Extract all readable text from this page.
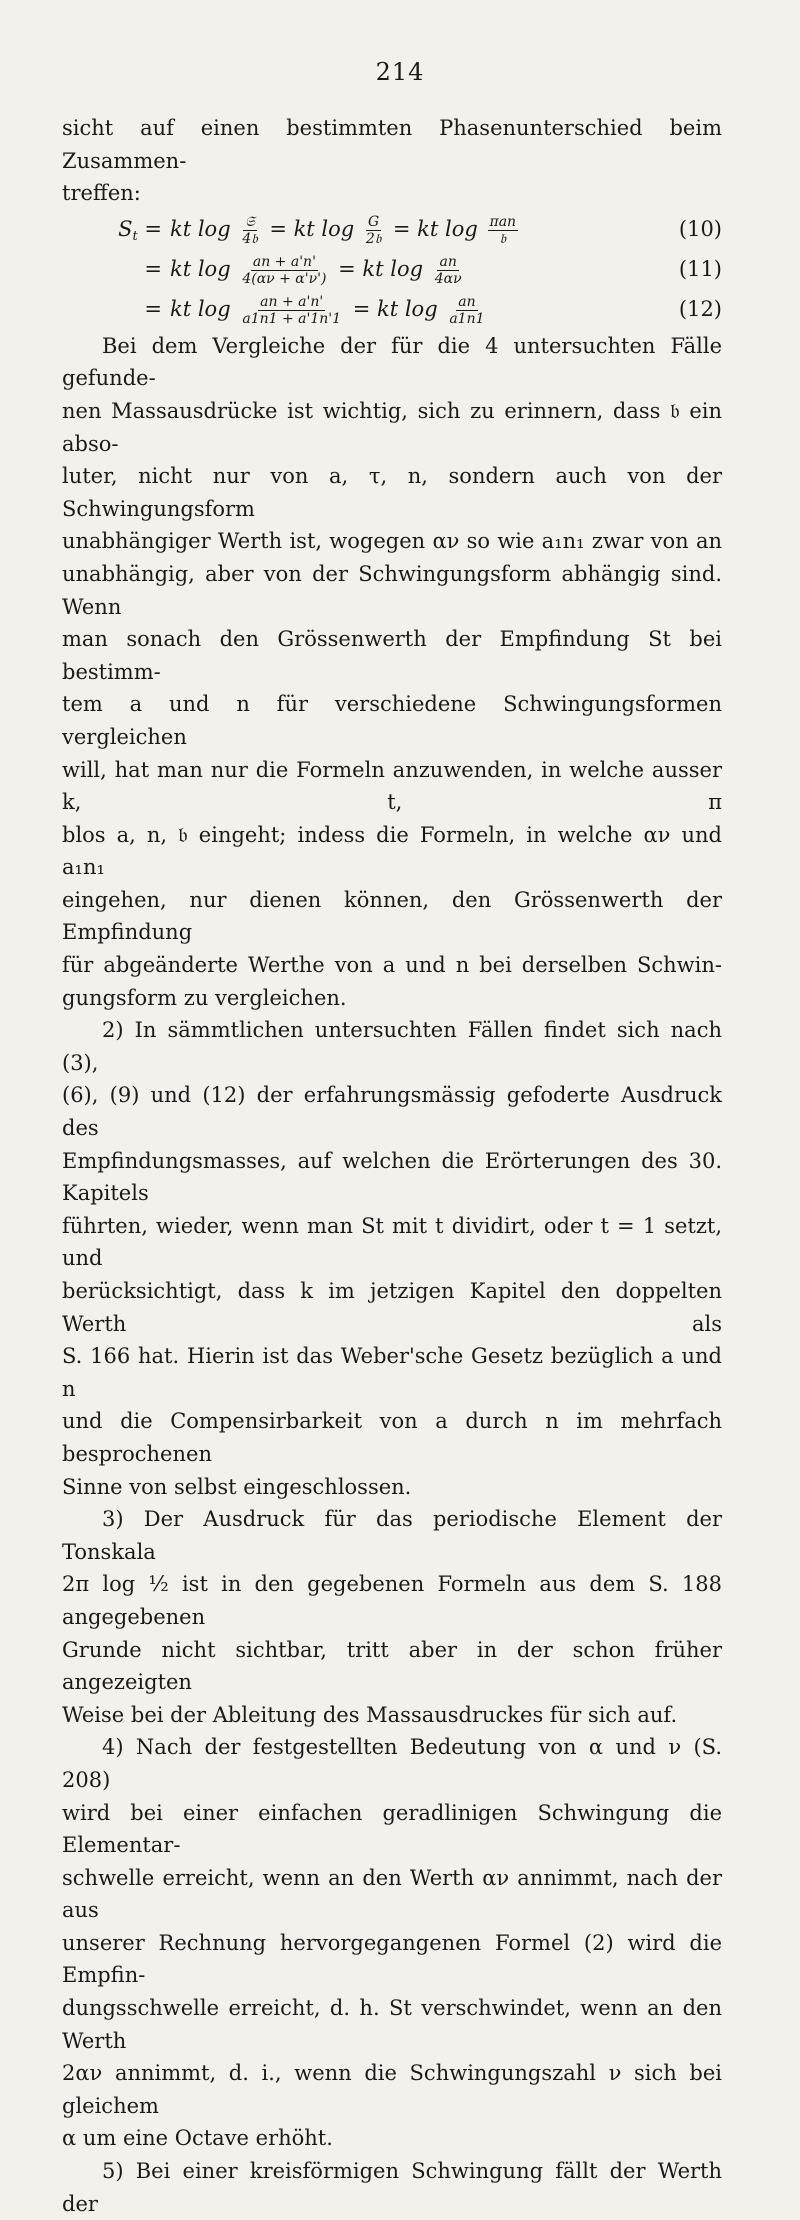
214
sicht auf einen bestimmten Phasenunterschied beim Zusammen-
treffen:
$S_t$ = kt $\log \frac{\text{𝔖}}{\text{4𝔟}}$ = kt $\log \frac{G}{\text{2𝔟}}$ = kt $\log \frac{\text{πan}}{\text{𝔟}}$	(10)
= kt $\log \frac{an + a'n'}{4(\alpha\nu + \alpha'\nu')}$ = kt $\log \frac{an}{4\alpha\nu}$	(11)
= kt $\log \frac{an + a'n'}{a1n1 + a'1n'1}$ = kt $\log \frac{an}{a1n1}$	(12)

Bei dem Vergleiche der für die 4 untersuchten Fälle gefunde-
nen Massausdrücke ist wichtig, sich zu erinnern, dass 𝔟 ein abso-
luter, nicht nur von a, τ, n, sondern auch von der Schwingungsform
unabhängiger Werth ist, wogegen αν so wie a₁n₁ zwar von an
unabhängig, aber von der Schwingungsform abhängig sind. Wenn
man sonach den Grössenwerth der Empfindung St bei bestimm-
tem a und n für verschiedene Schwingungsformen vergleichen
will, hat man nur die Formeln anzuwenden, in welche ausser k, t, π
blos a, n, 𝔟 eingeht; indess die Formeln, in welche αν und a₁n₁
eingehen, nur dienen können, den Grössenwerth der Empfindung
für abgeänderte Werthe von a und n bei derselben Schwin-
gungsform zu vergleichen.

2) In sämmtlichen untersuchten Fällen findet sich nach (3),
(6), (9) und (12) der erfahrungsmässig gefoderte Ausdruck des
Empfindungsmasses, auf welchen die Erörterungen des 30. Kapitels
führten, wieder, wenn man St mit t dividirt, oder t = 1 setzt, und
berücksichtigt, dass k im jetzigen Kapitel den doppelten Werth als
S. 166 hat. Hierin ist das Weber'sche Gesetz bezüglich a und n
und die Compensirbarkeit von a durch n im mehrfach besprochenen
Sinne von selbst eingeschlossen.

3) Der Ausdruck für das periodische Element der Tonskala
2π log ½ ist in den gegebenen Formeln aus dem S. 188 angegebenen
Grunde nicht sichtbar, tritt aber in der schon früher angezeigten
Weise bei der Ableitung des Massausdruckes für sich auf.

4) Nach der festgestellten Bedeutung von α und ν (S. 208)
wird bei einer einfachen geradlinigen Schwingung die Elementar-
schwelle erreicht, wenn an den Werth αν annimmt, nach der aus
unserer Rechnung hervorgegangenen Formel (2) wird die Empfin-
dungsschwelle erreicht, d. h. St verschwindet, wenn an den Werth
2αν annimmt, d. i., wenn die Schwingungszahl ν sich bei gleichem
α um eine Octave erhöht.

5) Bei einer kreisförmigen Schwingung fällt der Werth der
